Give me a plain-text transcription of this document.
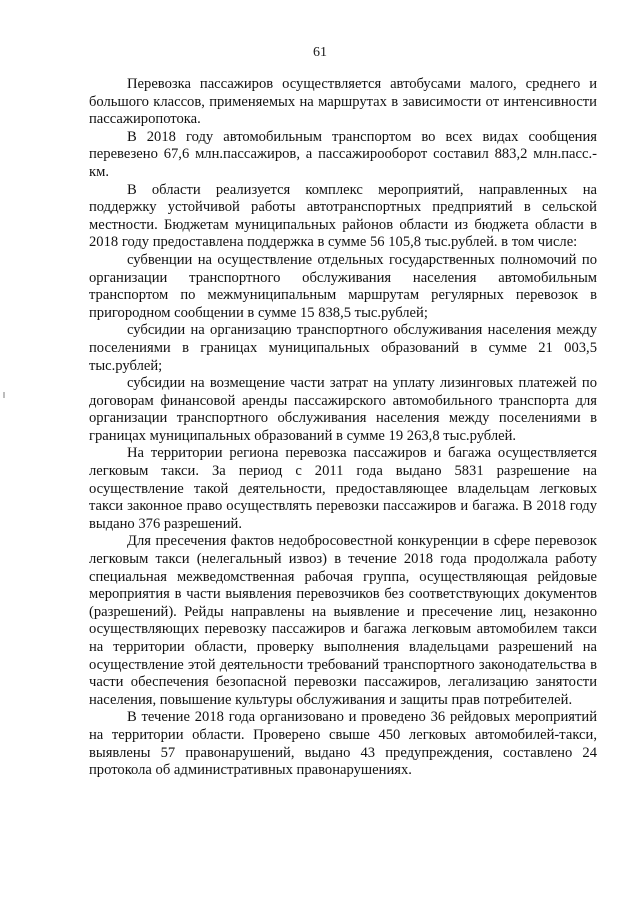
61

Перевозка пассажиров осуществляется автобусами малого, среднего и большого классов, применяемых на маршрутах в зависимости от интенсивности пассажиропотока.

В 2018 году автомобильным транспортом во всех видах сообщения перевезено 67,6 млн.пассажиров, а пассажирооборот составил 883,2 млн.пасс.-км.

В области реализуется комплекс мероприятий, направленных на поддержку устойчивой работы автотранспортных предприятий в сельской местности. Бюджетам муниципальных районов области из бюджета области в 2018 году предоставлена поддержка в сумме 56 105,8 тыс.рублей. в том числе:

субвенции на осуществление отдельных государственных полномочий по организации транспортного обслуживания населения автомобильным транспортом по межмуниципальным маршрутам регулярных перевозок в пригородном сообщении в сумме 15 838,5 тыс.рублей;

субсидии на организацию транспортного обслуживания населения между поселениями в границах муниципальных образований в сумме 21 003,5 тыс.рублей;

субсидии на возмещение части затрат на уплату лизинговых платежей по договорам финансовой аренды пассажирского автомобильного транспорта для организации транспортного обслуживания населения между поселениями в границах муниципальных образований в сумме 19 263,8 тыс.рублей.

На территории региона перевозка пассажиров и багажа осуществляется легковым такси. За период с 2011 года выдано 5831 разрешение на осуществление такой деятельности, предоставляющее владельцам легковых такси законное право осуществлять перевозки пассажиров и багажа. В 2018 году выдано 376 разрешений.

Для пресечения фактов недобросовестной конкуренции в сфере перевозок легковым такси (нелегальный извоз) в течение 2018 года продолжала работу специальная межведомственная рабочая группа, осуществляющая рейдовые мероприятия в части выявления перевозчиков без соответствующих документов (разрешений). Рейды направлены на выявление и пресечение лиц, незаконно осуществляющих перевозку пассажиров и багажа легковым автомобилем такси на территории области, проверку выполнения владельцами разрешений на осуществление этой деятельности требований транспортного законодательства в части обеспечения безопасной перевозки пассажиров, легализацию занятости населения, повышение культуры обслуживания и защиты прав потребителей.

В течение 2018 года организовано и проведено 36 рейдовых мероприятий на территории области. Проверено свыше 450 легковых автомобилей-такси, выявлены 57 правонарушений, выдано 43 предупреждения, составлено 24 протокола об административных правонарушениях.
